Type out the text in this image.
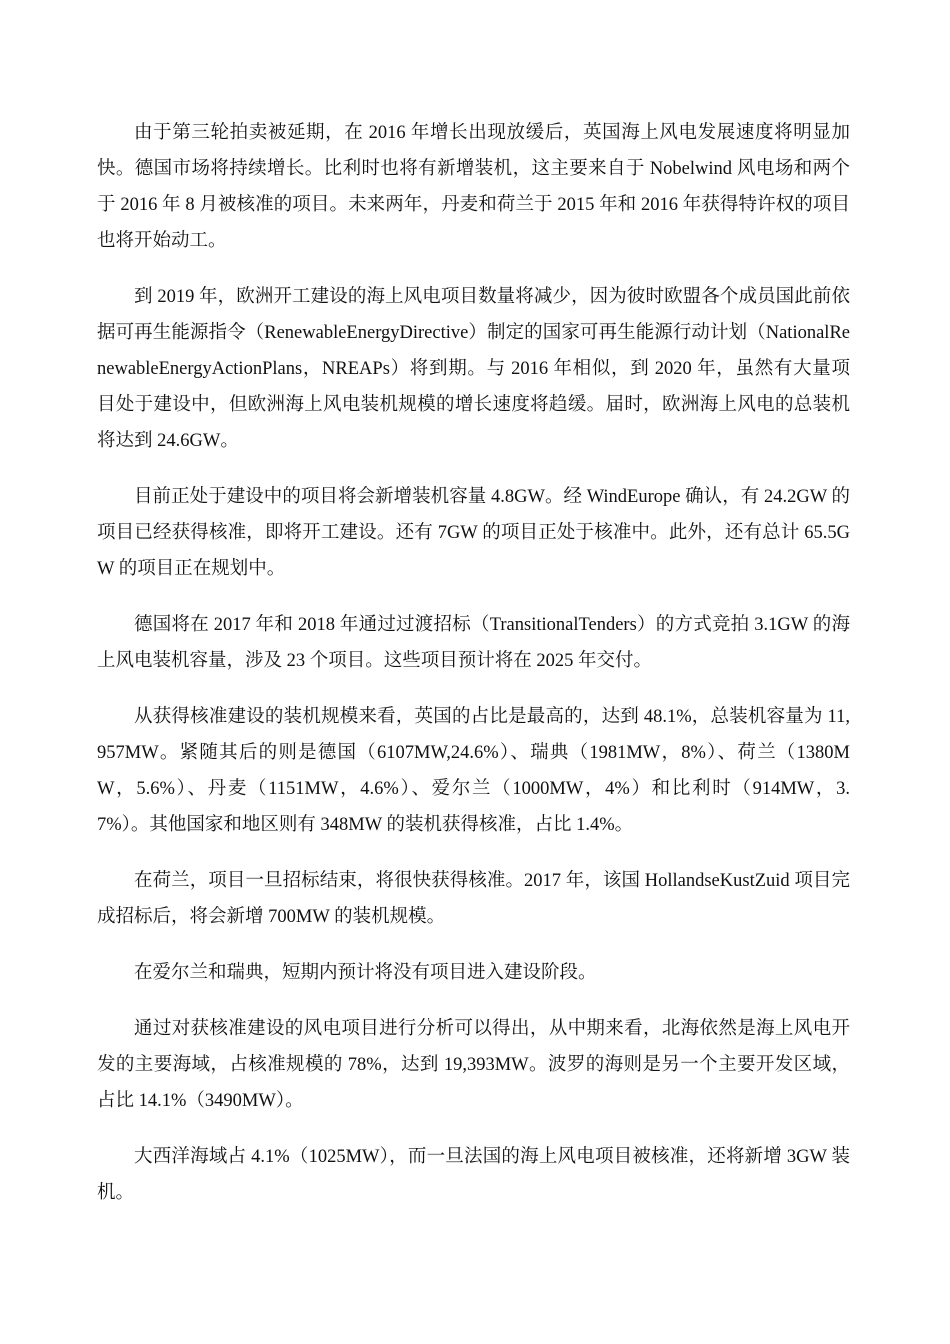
由于第三轮拍卖被延期，在 2016 年增长出现放缓后，英国海上风电发展速度将明显加快。德国市场将持续增长。比利时也将有新增装机，这主要来自于 Nobelwind 风电场和两个于 2016 年 8 月被核准的项目。未来两年，丹麦和荷兰于 2015 年和 2016 年获得特许权的项目也将开始动工。

到 2019 年，欧洲开工建设的海上风电项目数量将减少，因为彼时欧盟各个成员国此前依据可再生能源指令（RenewableEnergyDirective）制定的国家可再生能源行动计划（NationalRenewableEnergyActionPlans，NREAPs）将到期。与 2016 年相似，到 2020 年，虽然有大量项目处于建设中，但欧洲海上风电装机规模的增长速度将趋缓。届时，欧洲海上风电的总装机将达到 24.6GW。

目前正处于建设中的项目将会新增装机容量 4.8GW。经 WindEurope 确认，有 24.2GW 的项目已经获得核准，即将开工建设。还有 7GW 的项目正处于核准中。此外，还有总计 65.5GW 的项目正在规划中。

德国将在 2017 年和 2018 年通过过渡招标（TransitionalTenders）的方式竞拍 3.1GW 的海上风电装机容量，涉及 23 个项目。这些项目预计将在 2025 年交付。

从获得核准建设的装机规模来看，英国的占比是最高的，达到 48.1%，总装机容量为 11,957MW。紧随其后的则是德国（6107MW,24.6%）、瑞典（1981MW，8%）、荷兰（1380MW，5.6%）、丹麦（1151MW，4.6%）、爱尔兰（1000MW，4%）和比利时（914MW，3.7%）。其他国家和地区则有 348MW 的装机获得核准，占比 1.4%。

在荷兰，项目一旦招标结束，将很快获得核准。2017 年，该国 HollandseKustZuid 项目完成招标后，将会新增 700MW 的装机规模。

在爱尔兰和瑞典，短期内预计将没有项目进入建设阶段。

通过对获核准建设的风电项目进行分析可以得出，从中期来看，北海依然是海上风电开发的主要海域，占核准规模的 78%，达到 19,393MW。波罗的海则是另一个主要开发区域，占比 14.1%（3490MW）。

大西洋海域占 4.1%（1025MW），而一旦法国的海上风电项目被核准，还将新增 3GW 装机。
